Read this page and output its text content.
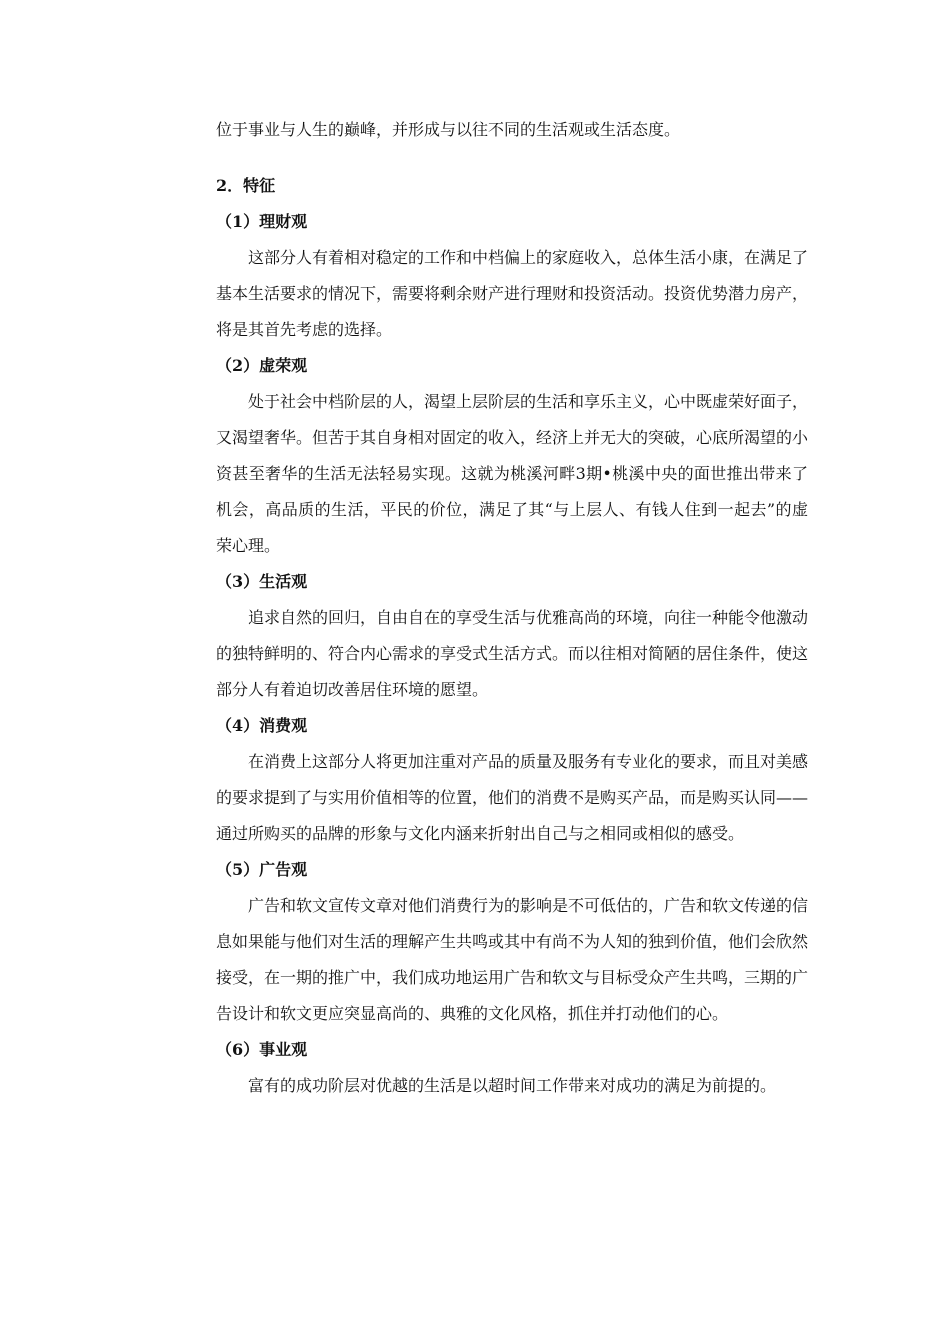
位于事业与人生的巅峰，并形成与以往不同的生活观或生活态度。

2．特征
（1）理财观

这部分人有着相对稳定的工作和中档偏上的家庭收入，总体生活小康，在满足了基本生活要求的情况下，需要将剩余财产进行理财和投资活动。投资优势潜力房产，将是其首先考虑的选择。

（2）虚荣观

处于社会中档阶层的人，渴望上层阶层的生活和享乐主义，心中既虚荣好面子，又渴望奢华。但苦于其自身相对固定的收入，经济上并无大的突破，心底所渴望的小资甚至奢华的生活无法轻易实现。这就为桃溪河畔3期•桃溪中央的面世推出带来了机会，高品质的生活，平民的价位，满足了其“与上层人、有钱人住到一起去”的虚荣心理。

（3）生活观

追求自然的回归，自由自在的享受生活与优雅高尚的环境，向往一种能令他激动的独特鲜明的、符合内心需求的享受式生活方式。而以往相对简陋的居住条件，使这部分人有着迫切改善居住环境的愿望。

（4）消费观

在消费上这部分人将更加注重对产品的质量及服务有专业化的要求，而且对美感的要求提到了与实用价值相等的位置，他们的消费不是购买产品，而是购买认同——通过所购买的品牌的形象与文化内涵来折射出自己与之相同或相似的感受。

（5）广告观

广告和软文宣传文章对他们消费行为的影响是不可低估的，广告和软文传递的信息如果能与他们对生活的理解产生共鸣或其中有尚不为人知的独到价值，他们会欣然接受，在一期的推广中，我们成功地运用广告和软文与目标受众产生共鸣，三期的广告设计和软文更应突显高尚的、典雅的文化风格，抓住并打动他们的心。

（6）事业观

富有的成功阶层对优越的生活是以超时间工作带来对成功的满足为前提的。
